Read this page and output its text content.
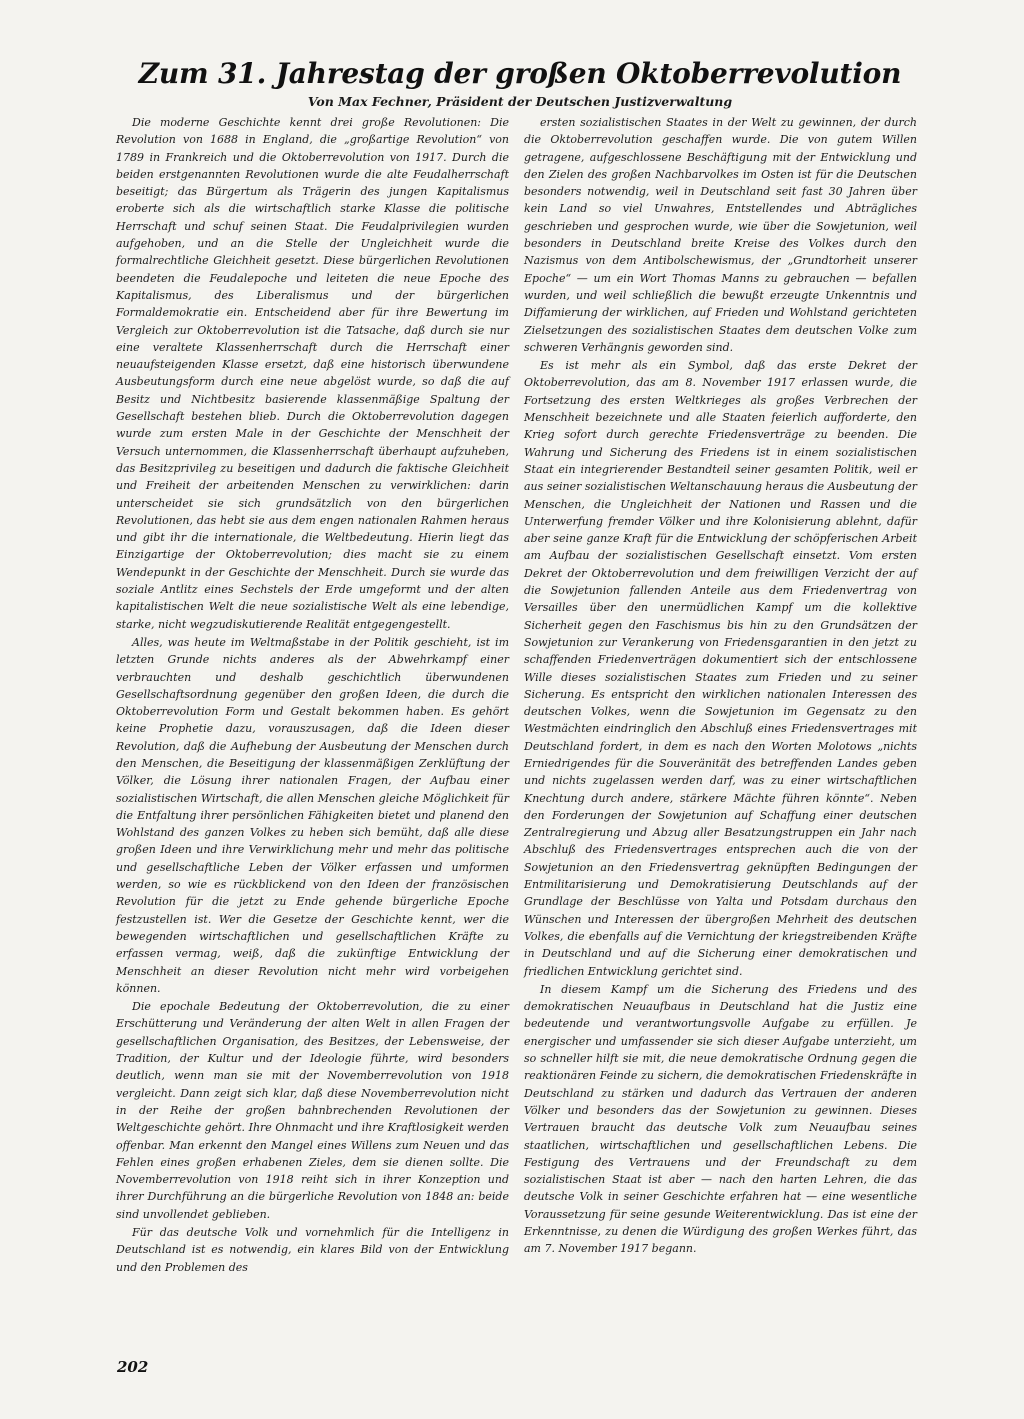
Zum 31. Jahrestag der großen Oktoberrevolution

Von Max Fechner, Präsident der Deutschen Justizverwaltung

Die moderne Geschichte kennt drei große Revolutionen: Die Revolution von 1688 in England, die „großartige Revolution“ von 1789 in Frankreich und die Oktoberrevolution von 1917. Durch die beiden erstgenannten Revolutionen wurde die alte Feudalherrschaft beseitigt; das Bürgertum als Trägerin des jungen Kapitalismus eroberte sich als die wirtschaftlich starke Klasse die politische Herrschaft und schuf seinen Staat. Die Feudalprivilegien wurden aufgehoben, und an die Stelle der Ungleichheit wurde die formalrechtliche Gleichheit gesetzt. Diese bürgerlichen Revolutionen beendeten die Feudalepoche und leiteten die neue Epoche des Kapitalismus, des Liberalismus und der bürgerlichen Formaldemokratie ein. Entscheidend aber für ihre Bewertung im Vergleich zur Oktoberrevolution ist die Tatsache, daß durch sie nur eine veraltete Klassenherrschaft durch die Herrschaft einer neuaufsteigenden Klasse ersetzt, daß eine historisch überwundene Ausbeutungsform durch eine neue abgelöst wurde, so daß die auf Besitz und Nichtbesitz basierende klassenmäßige Spaltung der Gesellschaft bestehen blieb. Durch die Oktoberrevolution dagegen wurde zum ersten Male in der Geschichte der Menschheit der Versuch unternommen, die Klassenherrschaft überhaupt aufzuheben, das Besitzprivileg zu beseitigen und dadurch die faktische Gleichheit und Freiheit der arbeitenden Menschen zu verwirklichen: darin unterscheidet sie sich grundsätzlich von den bürgerlichen Revolutionen, das hebt sie aus dem engen nationalen Rahmen heraus und gibt ihr die internationale, die Weltbedeutung. Hierin liegt das Einzigartige der Oktoberrevolution; dies macht sie zu einem Wendepunkt in der Geschichte der Menschheit. Durch sie wurde das soziale Antlitz eines Sechstels der Erde umgeformt und der alten kapitalistischen Welt die neue sozialistische Welt als eine lebendige, starke, nicht wegzudiskutierende Realität entgegengestellt.

Alles, was heute im Weltmaßstabe in der Politik geschieht, ist im letzten Grunde nichts anderes als der Abwehrkampf einer verbrauchten und deshalb geschichtlich überwundenen Gesellschaftsordnung gegenüber den großen Ideen, die durch die Oktoberrevolution Form und Gestalt bekommen haben. Es gehört keine Prophetie dazu, vorauszusagen, daß die Ideen dieser Revolution, daß die Aufhebung der Ausbeutung der Menschen durch den Menschen, die Beseitigung der klassenmäßigen Zerklüftung der Völker, die Lösung ihrer nationalen Fragen, der Aufbau einer sozialistischen Wirtschaft, die allen Menschen gleiche Möglichkeit für die Entfaltung ihrer persönlichen Fähigkeiten bietet und planend den Wohlstand des ganzen Volkes zu heben sich bemüht, daß alle diese großen Ideen und ihre Verwirklichung mehr und mehr das politische und gesellschaftliche Leben der Völker erfassen und umformen werden, so wie es rückblickend von den Ideen der französischen Revolution für die jetzt zu Ende gehende bürgerliche Epoche festzustellen ist. Wer die Gesetze der Geschichte kennt, wer die bewegenden wirtschaftlichen und gesellschaftlichen Kräfte zu erfassen vermag, weiß, daß die zukünftige Entwicklung der Menschheit an dieser Revolution nicht mehr wird vorbeigehen können.

Die epochale Bedeutung der Oktoberrevolution, die zu einer Erschütterung und Veränderung der alten Welt in allen Fragen der gesellschaftlichen Organisation, des Besitzes, der Lebensweise, der Tradition, der Kultur und der Ideologie führte, wird besonders deutlich, wenn man sie mit der Novemberrevolution von 1918 vergleicht. Dann zeigt sich klar, daß diese Novemberrevolution nicht in der Reihe der großen bahnbrechenden Revolutionen der Weltgeschichte gehört. Ihre Ohnmacht und ihre Kraftlosigkeit werden offenbar. Man erkennt den Mangel eines Willens zum Neuen und das Fehlen eines großen erhabenen Zieles, dem sie dienen sollte. Die Novemberrevolution von 1918 reiht sich in ihrer Konzeption und ihrer Durchführung an die bürgerliche Revolution von 1848 an: beide sind unvollendet geblieben.

Für das deutsche Volk und vornehmlich für die Intelligenz in Deutschland ist es notwendig, ein klares Bild von der Entwicklung und den Problemen des

ersten sozialistischen Staates in der Welt zu gewinnen, der durch die Oktoberrevolution geschaffen wurde. Die von gutem Willen getragene, aufgeschlossene Beschäftigung mit der Entwicklung und den Zielen des großen Nachbarvolkes im Osten ist für die Deutschen besonders notwendig, weil in Deutschland seit fast 30 Jahren über kein Land so viel Unwahres, Entstellendes und Abträgliches geschrieben und gesprochen wurde, wie über die Sowjetunion, weil besonders in Deutschland breite Kreise des Volkes durch den Nazismus von dem Antibolschewismus, der „Grundtorheit unserer Epoche“ — um ein Wort Thomas Manns zu gebrauchen — befallen wurden, und weil schließlich die bewußt erzeugte Unkenntnis und Diffamierung der wirklichen, auf Frieden und Wohlstand gerichteten Zielsetzungen des sozialistischen Staates dem deutschen Volke zum schweren Verhängnis geworden sind.

Es ist mehr als ein Symbol, daß das erste Dekret der Oktoberrevolution, das am 8. November 1917 erlassen wurde, die Fortsetzung des ersten Weltkrieges als großes Verbrechen der Menschheit bezeichnete und alle Staaten feierlich aufforderte, den Krieg sofort durch gerechte Friedensverträge zu beenden. Die Wahrung und Sicherung des Friedens ist in einem sozialistischen Staat ein integrierender Bestandteil seiner gesamten Politik, weil er aus seiner sozialistischen Weltanschauung heraus die Ausbeutung der Menschen, die Ungleichheit der Nationen und Rassen und die Unterwerfung fremder Völker und ihre Kolonisierung ablehnt, dafür aber seine ganze Kraft für die Entwicklung der schöpferischen Arbeit am Aufbau der sozialistischen Gesellschaft einsetzt. Vom ersten Dekret der Oktoberrevolution und dem freiwilligen Verzicht der auf die Sowjetunion fallenden Anteile aus dem Friedenvertrag von Versailles über den unermüdlichen Kampf um die kollektive Sicherheit gegen den Faschismus bis hin zu den Grundsätzen der Sowjetunion zur Verankerung von Friedensgarantien in den jetzt zu schaffenden Friedenverträgen dokumentiert sich der entschlossene Wille dieses sozialistischen Staates zum Frieden und zu seiner Sicherung. Es entspricht den wirklichen nationalen Interessen des deutschen Volkes, wenn die Sowjetunion im Gegensatz zu den Westmächten eindringlich den Abschluß eines Friedensvertrages mit Deutschland fordert, in dem es nach den Worten Molotows „nichts Erniedrigendes für die Souveränität des betreffenden Landes geben und nichts zugelassen werden darf, was zu einer wirtschaftlichen Knechtung durch andere, stärkere Mächte führen könnte“. Neben den Forderungen der Sowjetunion auf Schaffung einer deutschen Zentralregierung und Abzug aller Besatzungstruppen ein Jahr nach Abschluß des Friedensvertrages entsprechen auch die von der Sowjetunion an den Friedensvertrag geknüpften Bedingungen der Entmilitarisierung und Demokratisierung Deutschlands auf der Grundlage der Beschlüsse von Yalta und Potsdam durchaus den Wünschen und Interessen der übergroßen Mehrheit des deutschen Volkes, die ebenfalls auf die Vernichtung der kriegstreibenden Kräfte in Deutschland und auf die Sicherung einer demokratischen und friedlichen Entwicklung gerichtet sind.

In diesem Kampf um die Sicherung des Friedens und des demokratischen Neuaufbaus in Deutschland hat die Justiz eine bedeutende und verantwortungsvolle Aufgabe zu erfüllen. Je energischer und umfassender sie sich dieser Aufgabe unterzieht, um so schneller hilft sie mit, die neue demokratische Ordnung gegen die reaktionären Feinde zu sichern, die demokratischen Friedenskräfte in Deutschland zu stärken und dadurch das Vertrauen der anderen Völker und besonders das der Sowjetunion zu gewinnen. Dieses Vertrauen braucht das deutsche Volk zum Neuaufbau seines staatlichen, wirtschaftlichen und gesellschaftlichen Lebens. Die Festigung des Vertrauens und der Freundschaft zu dem sozialistischen Staat ist aber — nach den harten Lehren, die das deutsche Volk in seiner Geschichte erfahren hat — eine wesentliche Voraussetzung für seine gesunde Weiterentwicklung. Das ist eine der Erkenntnisse, zu denen die Würdigung des großen Werkes führt, das am 7. November 1917 begann.

202
